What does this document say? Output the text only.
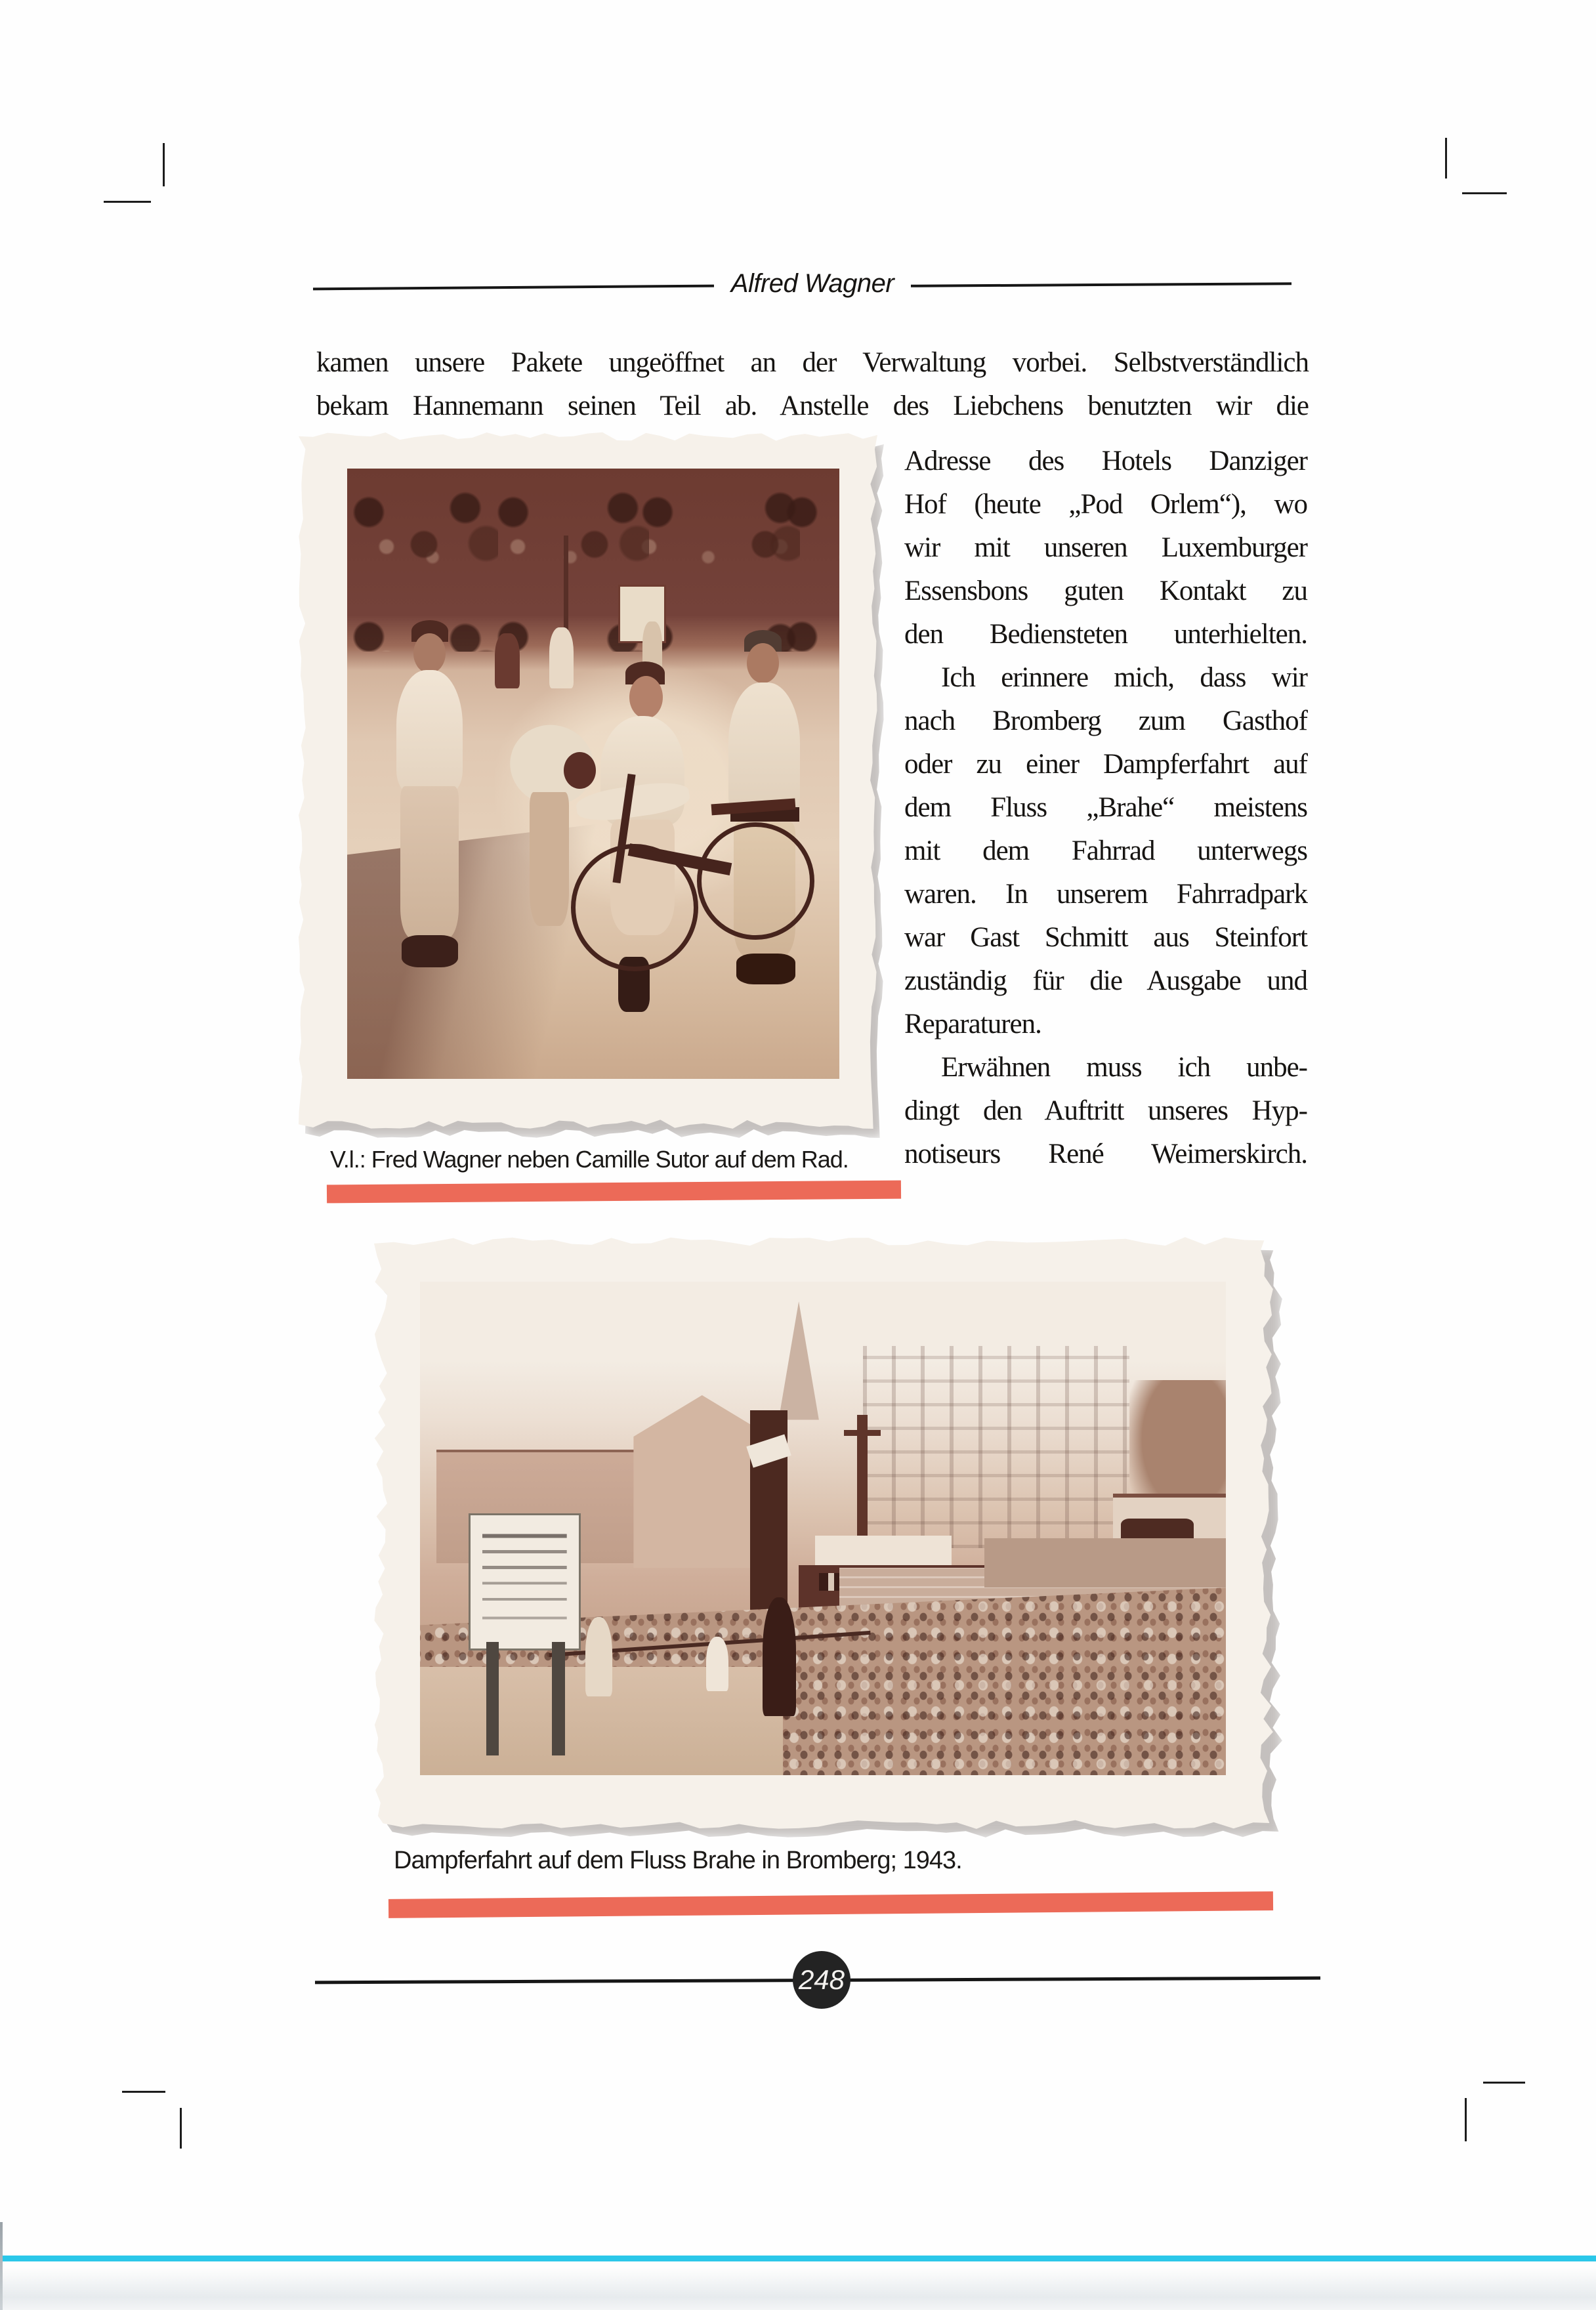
Alfred Wagner
kamen unsere Pakete ungeöffnet an der Verwaltung vorbei. Selbstverständlich
bekam Hannemann seinen Teil ab. Anstelle des Liebchens benutzten wir die
Adresse des Hotels Danziger
Hof (heute „Pod Orlem“), wo
wir mit unseren Luxemburger
Essensbons guten Kontakt zu
den Bediensteten unterhielten.
Ich erinnere mich, dass wir
nach Bromberg zum Gasthof
oder zu einer Dampferfahrt auf
dem Fluss „Brahe“ meistens
mit dem Fahrrad unterwegs
waren. In unserem Fahrradpark
war Gast Schmitt aus Steinfort
zuständig für die Ausgabe und
Reparaturen.
Erwähnen muss ich unbe-
dingt den Auftritt unseres Hyp-
notiseurs René Weimerskirch.
V.l.: Fred Wagner neben Camille Sutor auf dem Rad.
Dampferfahrt auf dem Fluss Brahe in Bromberg; 1943.
248
